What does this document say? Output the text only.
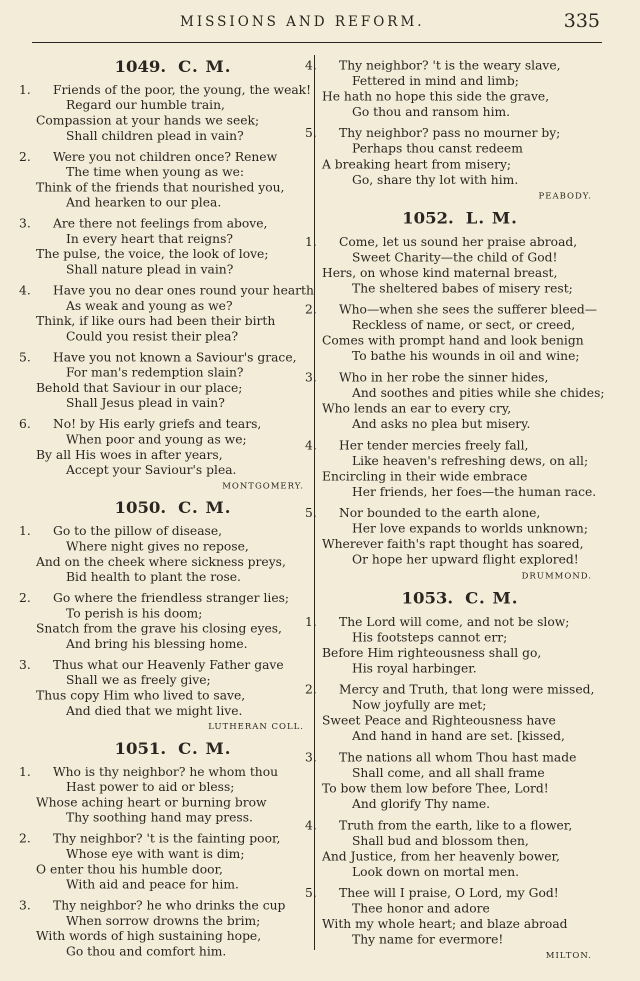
MISSIONS AND REFORM.	335
1049. C. M.
1. Friends of the poor, the young, the weak!
Regard our humble train,
Compassion at your hands we seek;
Shall children plead in vain?
2. Were you not children once? Renew
The time when young as we:
Think of the friends that nourished you,
And hearken to our plea.
3. Are there not feelings from above,
In every heart that reigns?
The pulse, the voice, the look of love;
Shall nature plead in vain?
4. Have you no dear ones round your hearth
As weak and young as we?
Think, if like ours had been their birth
Could you resist their plea?
5. Have you not known a Saviour's grace,
For man's redemption slain?
Behold that Saviour in our place;
Shall Jesus plead in vain?
6. No! by His early griefs and tears,
When poor and young as we;
By all His woes in after years,
Accept your Saviour's plea.
MONTGOMERY.
1050. C. M.
1. Go to the pillow of disease,
Where night gives no repose,
And on the cheek where sickness preys,
Bid health to plant the rose.
2. Go where the friendless stranger lies;
To perish is his doom;
Snatch from the grave his closing eyes,
And bring his blessing home.
3. Thus what our Heavenly Father gave
Shall we as freely give;
Thus copy Him who lived to save,
And died that we might live.
LUTHERAN COLL.
1051. C. M.
1. Who is thy neighbor? he whom thou
Hast power to aid or bless;
Whose aching heart or burning brow
Thy soothing hand may press.
2. Thy neighbor? 't is the fainting poor,
Whose eye with want is dim;
O enter thou his humble door,
With aid and peace for him.
3. Thy neighbor? he who drinks the cup
When sorrow drowns the brim;
With words of high sustaining hope,
Go thou and comfort him.
4. Thy neighbor? 't is the weary slave,
Fettered in mind and limb;
He hath no hope this side the grave,
Go thou and ransom him.
5. Thy neighbor? pass no mourner by;
Perhaps thou canst redeem
A breaking heart from misery;
Go, share thy lot with him.
PEABODY.
1052. L. M.
1. Come, let us sound her praise abroad,
Sweet Charity—the child of God!
Hers, on whose kind maternal breast,
The sheltered babes of misery rest;
2. Who—when she sees the sufferer bleed—
Reckless of name, or sect, or creed,
Comes with prompt hand and look benign
To bathe his wounds in oil and wine;
3. Who in her robe the sinner hides,
And soothes and pities while she chides;
Who lends an ear to every cry,
And asks no plea but misery.
4. Her tender mercies freely fall,
Like heaven's refreshing dews, on all;
Encircling in their wide embrace
Her friends, her foes—the human race.
5. Nor bounded to the earth alone,
Her love expands to worlds unknown;
Wherever faith's rapt thought has soared,
Or hope her upward flight explored!
DRUMMOND.
1053. C. M.
1. The Lord will come, and not be slow;
His footsteps cannot err;
Before Him righteousness shall go,
His royal harbinger.
2. Mercy and Truth, that long were missed,
Now joyfully are met;
Sweet Peace and Righteousness have
And hand in hand are set. [kissed,
3. The nations all whom Thou hast made
Shall come, and all shall frame
To bow them low before Thee, Lord!
And glorify Thy name.
4. Truth from the earth, like to a flower,
Shall bud and blossom then,
And Justice, from her heavenly bower,
Look down on mortal men.
5. Thee will I praise, O Lord, my God!
Thee honor and adore
With my whole heart; and blaze abroad
Thy name for evermore!
MILTON.
